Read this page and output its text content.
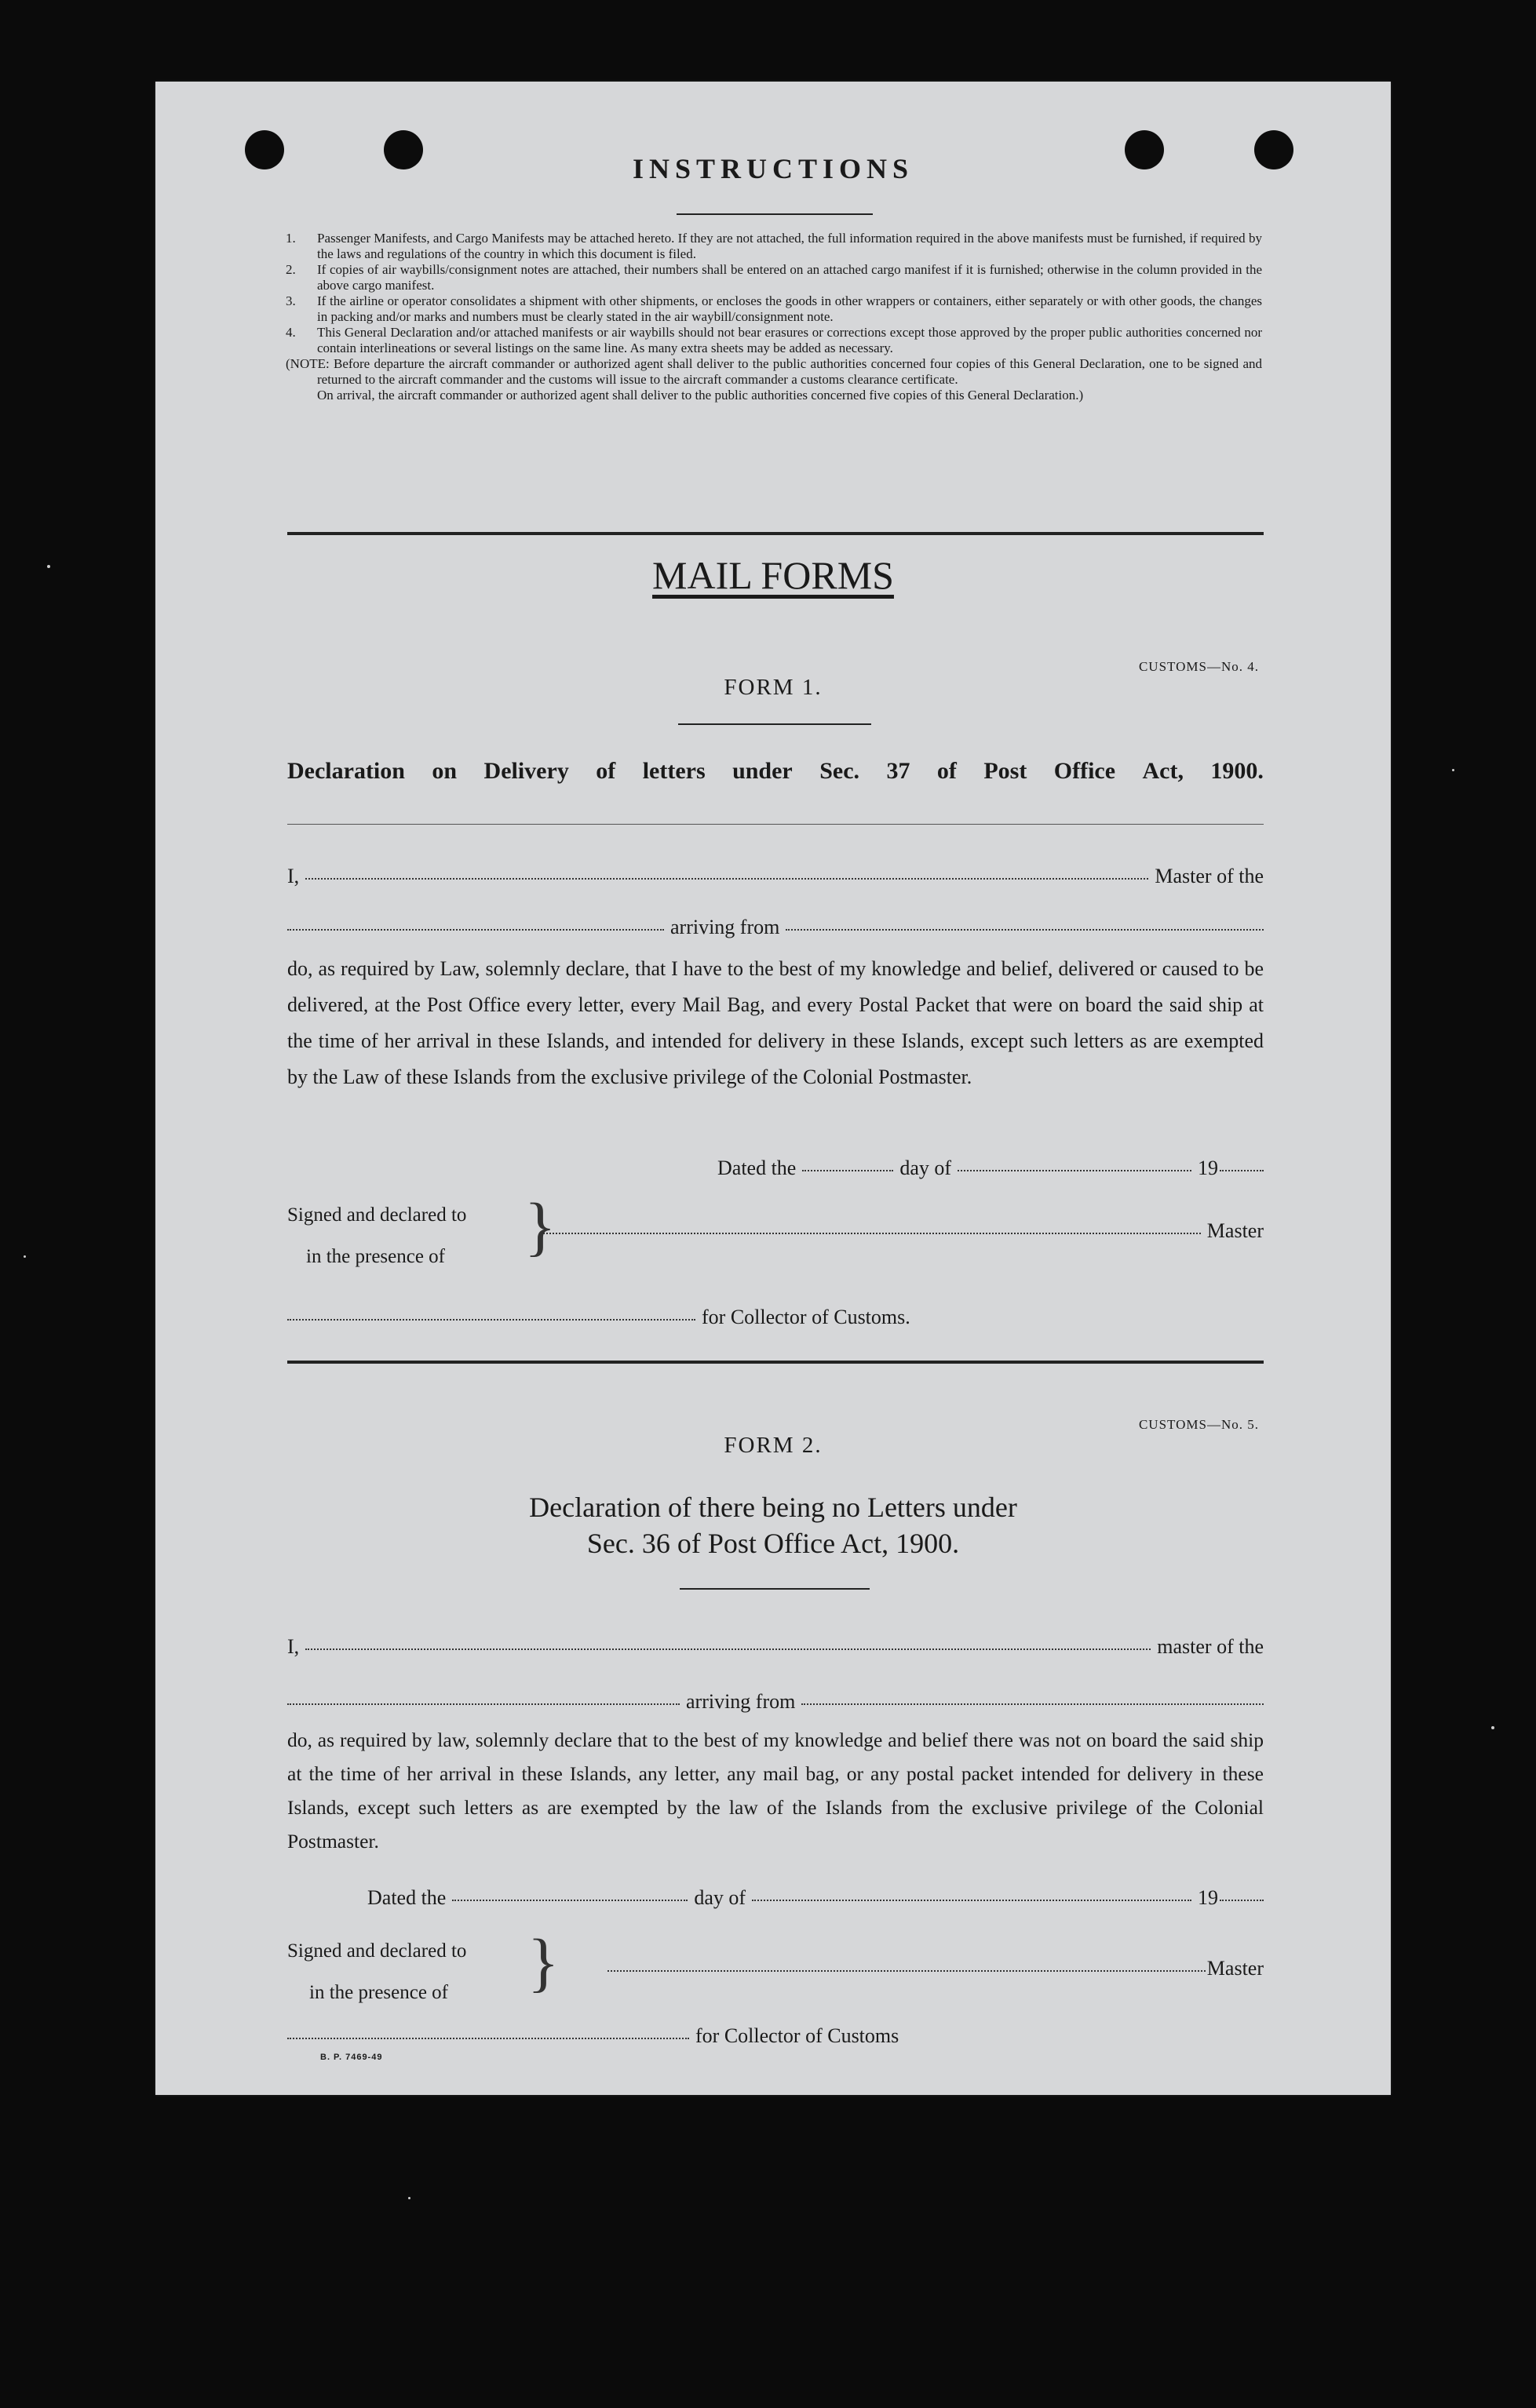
INSTRUCTIONS
1.	Passenger Manifests, and Cargo Manifests may be attached hereto. If they are not attached, the full information required in the above manifests must be furnished, if required by the laws and regulations of the country in which this document is filed.
2.	If copies of air waybills/consignment notes are attached, their numbers shall be entered on an attached cargo manifest if it is furnished; otherwise in the column provided in the above cargo manifest.
3.	If the airline or operator consolidates a shipment with other shipments, or encloses the goods in other wrappers or containers, either separately or with other goods, the changes in packing and/or marks and numbers must be clearly stated in the air waybill/consignment note.
4.	This General Declaration and/or attached manifests or air waybills should not bear erasures or corrections except those approved by the proper public authorities concerned nor contain interlineations or several listings on the same line. As many extra sheets may be added as necessary.
(NOTE: Before departure the aircraft commander or authorized agent shall deliver to the public authorities concerned four copies of this General Declaration, one to be signed and returned to the aircraft commander and the customs will issue to the aircraft commander a customs clearance certificate.
On arrival, the aircraft commander or authorized agent shall deliver to the public authorities concerned five copies of this General Declaration.)
MAIL FORMS
CUSTOMS—No. 4.
FORM 1.
Declaration on Delivery of letters under Sec. 37 of Post Office Act, 1900.
I,	Master of the
arriving from
do, as required by Law, solemnly declare, that I have to the best of my knowledge and belief, delivered or caused to be delivered, at the Post Office every letter, every Mail Bag, and every Postal Packet that were on board the said ship at the time of her arrival in these Islands, and intended for delivery in these Islands, except such letters as are exempted by the Law of these Islands from the exclusive privilege of the Colonial Postmaster.
Dated the	day of	19
Signed and declared to
in the presence of	}	Master
for Collector of Customs.
CUSTOMS—No. 5.
FORM 2.
Declaration of there being no Letters under
Sec. 36 of Post Office Act, 1900.
I,	master of the
arriving from
do, as required by law, solemnly declare that to the best of my knowledge and belief there was not on board the said ship at the time of her arrival in these Islands, any letter, any mail bag, or any postal packet intended for delivery in these Islands, except such letters as are exempted by the law of the Islands from the exclusive privilege of the Colonial Postmaster.
Dated the	day of	19
Signed and declared to
in the presence of }	Master
for Collector of Customs
B. P. 7469-49
